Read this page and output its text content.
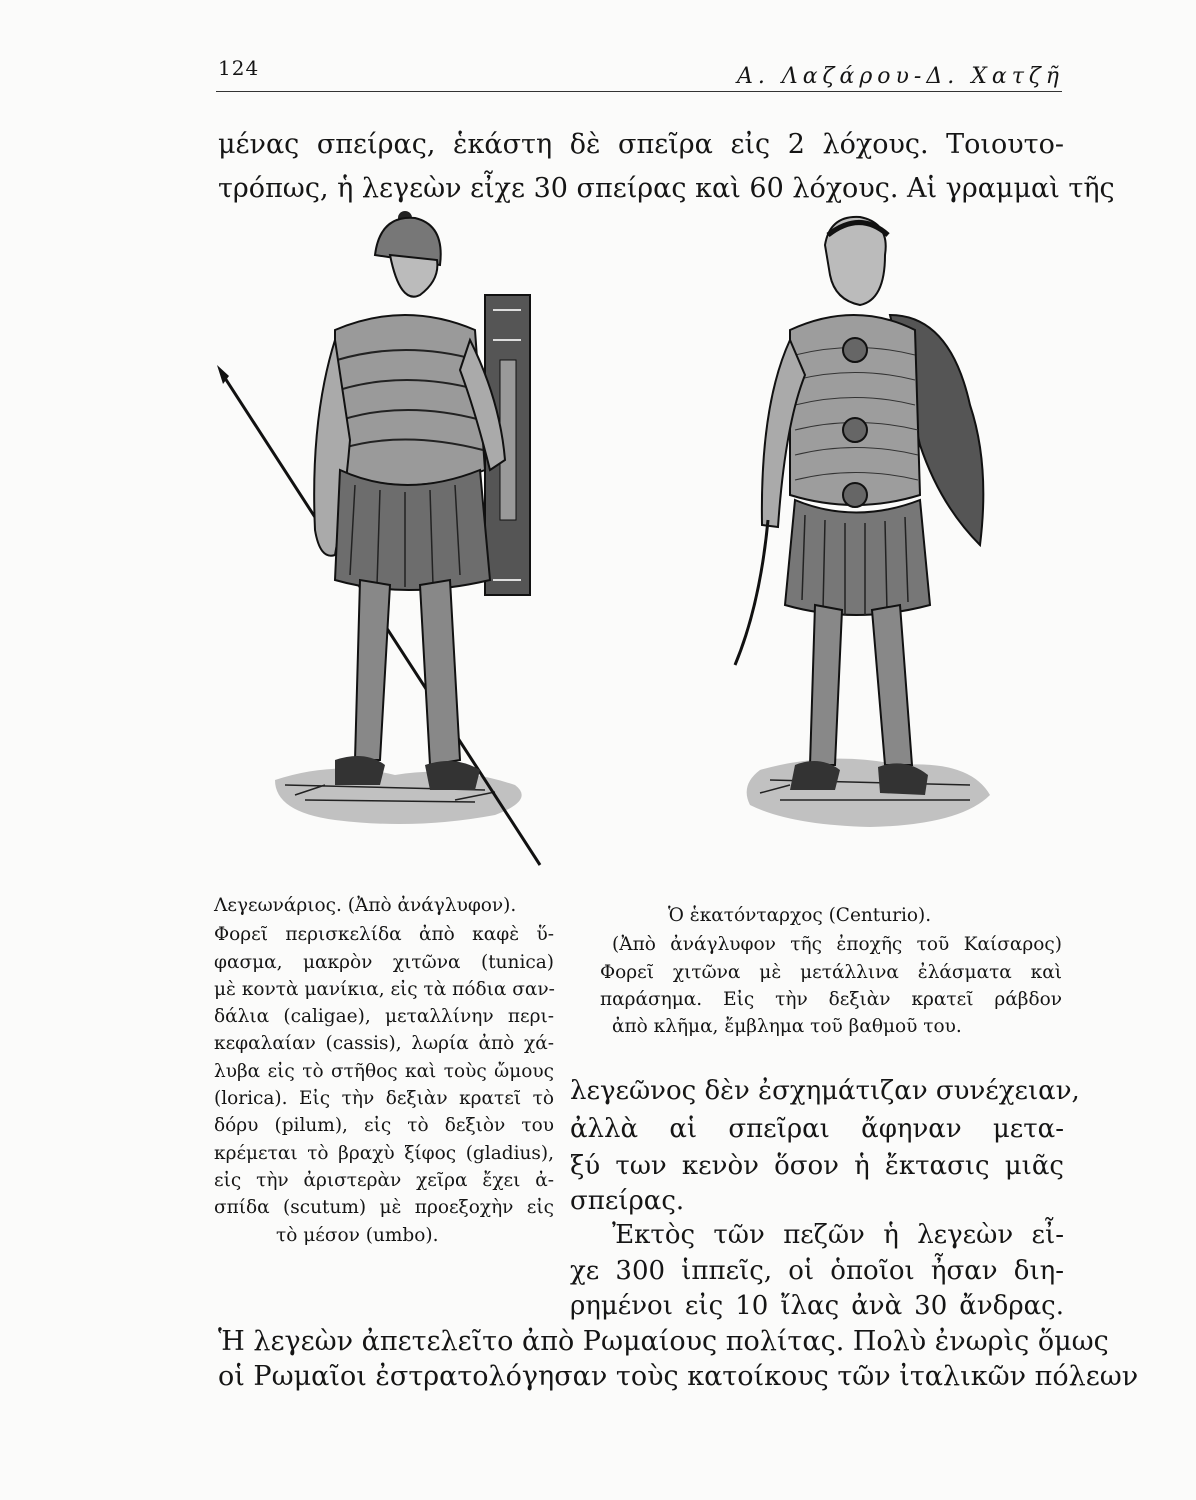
124	Α. Λαζάρου-Δ. Χατζῆ
μένας σπείρας, ἑκάστη δὲ σπεῖρα εἰς 2 λόχους. Τοιουτο-
τρόπως, ἡ λεγεὼν εἶχε 30 σπείρας καὶ 60 λόχους. Αἱ γραμμαὶ τῆς
Λεγεωνάριος. (Ἀπὸ ἀνάγλυφον).
Φορεῖ περισκελίδα ἀπὸ καφὲ ὕ-
φασμα, μακρὸν χιτῶνα (tunica)
μὲ κοντὰ μανίκια, εἰς τὰ πόδια σαν-
δάλια (caligae), μεταλλίνην περι-
κεφαλαίαν (cassis), λωρία ἀπὸ χά-
λυβα εἰς τὸ στῆθος καὶ τοὺς ὤμους
(lorica). Εἰς τὴν δεξιὰν κρατεῖ τὸ
δόρυ (pilum), εἰς τὸ δεξιὸν του
κρέμεται τὸ βραχὺ ξίφος (gladius),
εἰς τὴν ἀριστερὰν χεῖρα ἔχει ἀ-
σπίδα (scutum) μὲ προεξοχὴν εἰς
τὸ μέσον (umbo).
Ὁ ἑκατόνταρχος (Centurio).
(Ἀπὸ ἀνάγλυφον τῆς ἐποχῆς τοῦ Καίσαρος)
Φορεῖ χιτῶνα μὲ μετάλλινα ἐλάσματα καὶ
παράσημα. Εἰς τὴν δεξιὰν κρατεῖ ράβδον
ἀπὸ κλῆμα, ἔμβλημα τοῦ βαθμοῦ του.
λεγεῶνος δὲν ἐσχημάτιζαν συνέχειαν,
ἀλλὰ αἱ σπεῖραι ἄφηναν μετα-
ξύ των κενὸν ὅσον ἡ ἔκτασις μιᾶς
σπείρας.
Ἐκτὸς τῶν πεζῶν ἡ λεγεὼν εἶ-
χε 300 ἱππεῖς, οἱ ὁποῖοι ἦσαν διη-
ρημένοι εἰς 10 ἴλας ἀνὰ 30 ἄνδρας.
Ἡ λεγεὼν ἀπετελεῖτο ἀπὸ Ρωμαίους πολίτας. Πολὺ ἐνωρὶς ὅμως
οἱ Ρωμαῖοι ἐστρατολόγησαν τοὺς κατοίκους τῶν ἰταλικῶν πόλεων
